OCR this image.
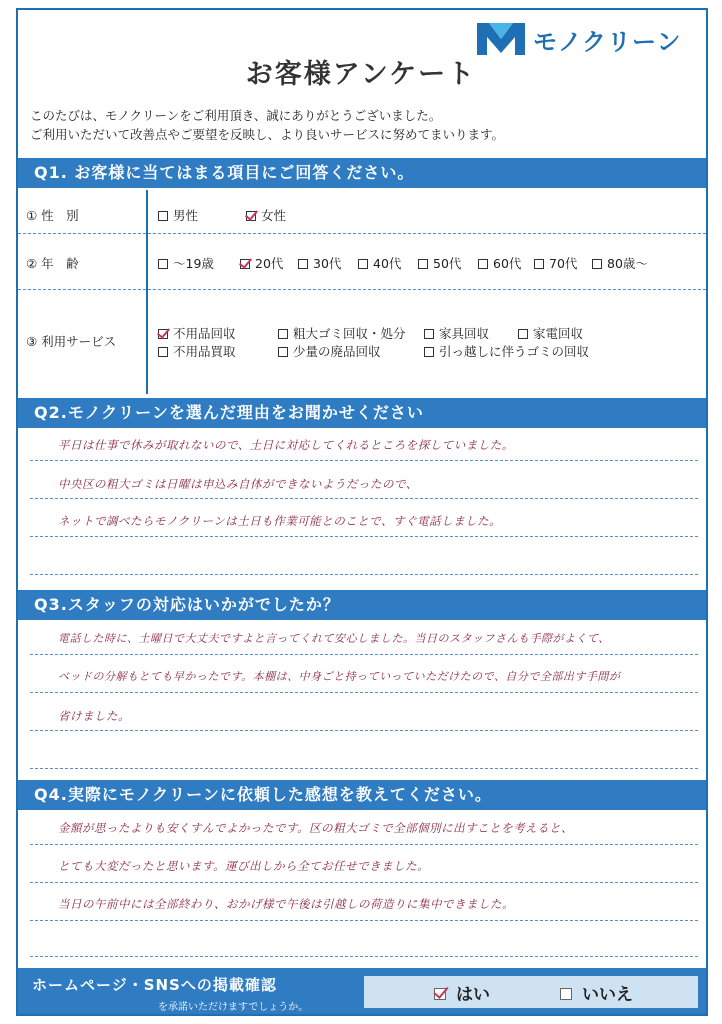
モノクリーン
お客様アンケート
このたびは、モノクリーンをご利用頂き、誠にありがとうございました。
ご利用いただいて改善点やご要望を反映し、より良いサービスに努めてまいります。
Q1. お客様に当てはまる項目にご回答ください。
① 性　別	男性	女性
② 年　齢	〜19歳	20代	30代	40代	50代	60代	70代	80歳〜
③ 利用サービス
不用品回収	粗大ゴミ回収・処分	家具回収	家電回収
不用品買取	少量の廃品回収	引っ越しに伴うゴミの回収
Q2.モノクリーンを選んだ理由をお聞かせください
平日は仕事で休みが取れないので、土日に対応してくれるところを探していました。
中央区の粗大ゴミは日曜は申込み自体ができないようだったので、
ネットで調べたらモノクリーンは土日も作業可能とのことで、すぐ電話しました。
Q3.スタッフの対応はいかがでしたか？
電話した時に、土曜日で大丈夫ですよと言ってくれて安心しました。当日のスタッフさんも手際がよくて、
ベッドの分解もとても早かったです。本棚は、中身ごと持っていっていただけたので、自分で全部出す手間が
省けました。
Q4.実際にモノクリーンに依頼した感想を教えてください。
金額が思ったよりも安くすんでよかったです。区の粗大ゴミで全部個別に出すことを考えると、
とても大変だったと思います。運び出しから全てお任せできました。
当日の午前中には全部終わり、おかげ様で午後は引越しの荷造りに集中できました。
ホームページ・SNSへの掲載確認
を承諾いただけますでしょうか。
はい	いいえ
